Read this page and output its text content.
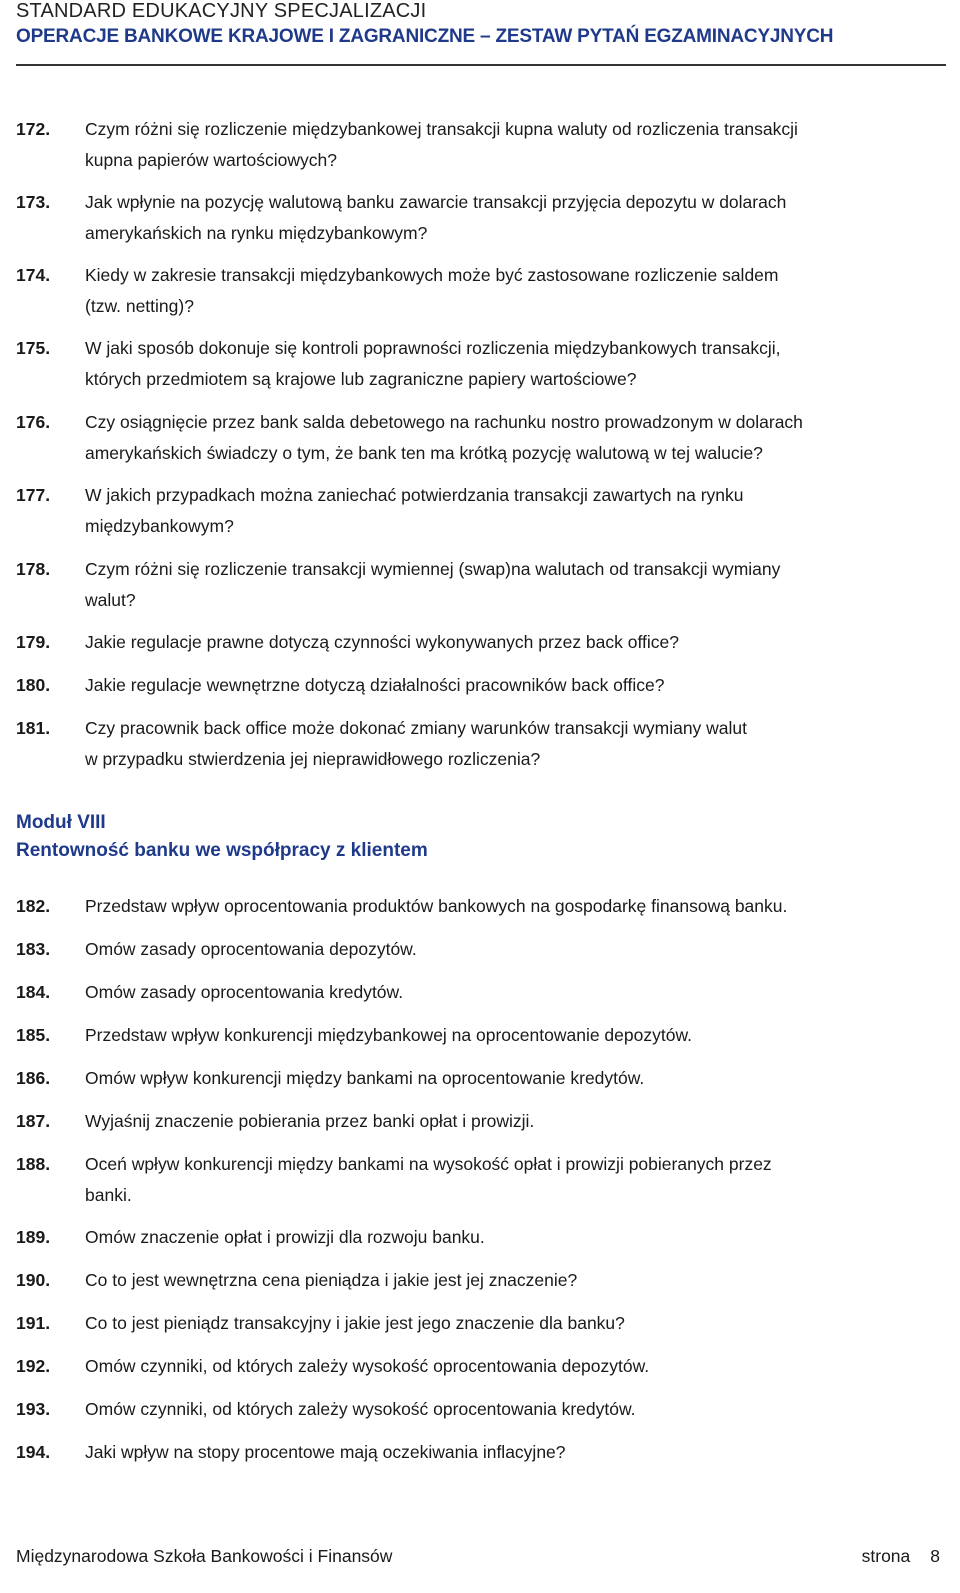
STANDARD EDUKACYJNY SPECJALIZACJI
OPERACJE BANKOWE KRAJOWE I ZAGRANICZNE – ZESTAW PYTAŃ EGZAMINACYJNYCH
172. Czym różni się rozliczenie międzybankowej transakcji kupna waluty od rozliczenia transakcji
kupna papierów wartościowych?
173. Jak wpłynie na pozycję walutową banku zawarcie transakcji przyjęcia depozytu w dolarach
amerykańskich na rynku międzybankowym?
174. Kiedy w zakresie transakcji międzybankowych może być zastosowane rozliczenie saldem
(tzw. netting)?
175. W jaki sposób dokonuje się kontroli poprawności rozliczenia międzybankowych transakcji,
których przedmiotem są krajowe lub zagraniczne papiery wartościowe?
176. Czy osiągnięcie przez bank salda debetowego na rachunku nostro prowadzonym w dolarach
amerykańskich świadczy o tym, że bank ten ma krótką pozycję walutową w tej walucie?
177. W jakich przypadkach można zaniechać potwierdzania transakcji zawartych na rynku
międzybankowym?
178. Czym różni się rozliczenie transakcji wymiennej (swap)na walutach od transakcji wymiany
walut?
179. Jakie regulacje prawne dotyczą czynności wykonywanych przez back office?
180. Jakie regulacje wewnętrzne dotyczą działalności pracowników back office?
181. Czy pracownik back office może dokonać zmiany warunków transakcji wymiany walut
w przypadku stwierdzenia jej nieprawidłowego rozliczenia?
Moduł VIII
Rentowność banku we współpracy z klientem
182. Przedstaw wpływ oprocentowania produktów bankowych na gospodarkę finansową banku.
183. Omów zasady oprocentowania depozytów.
184. Omów zasady oprocentowania kredytów.
185. Przedstaw wpływ konkurencji międzybankowej na oprocentowanie depozytów.
186. Omów wpływ konkurencji między bankami na oprocentowanie kredytów.
187. Wyjaśnij znaczenie pobierania przez banki opłat i prowizji.
188. Oceń wpływ konkurencji między bankami na wysokość opłat i prowizji pobieranych przez
banki.
189. Omów znaczenie opłat i prowizji dla rozwoju banku.
190. Co to jest wewnętrzna cena pieniądza i jakie jest jej znaczenie?
191. Co to jest pieniądz transakcyjny i jakie jest jego znaczenie dla banku?
192. Omów czynniki, od których zależy wysokość oprocentowania depozytów.
193. Omów czynniki, od których zależy wysokość oprocentowania kredytów.
194. Jaki wpływ na stopy procentowe mają oczekiwania inflacyjne?
Międzynarodowa Szkoła Bankowości i Finansów	strona 8
